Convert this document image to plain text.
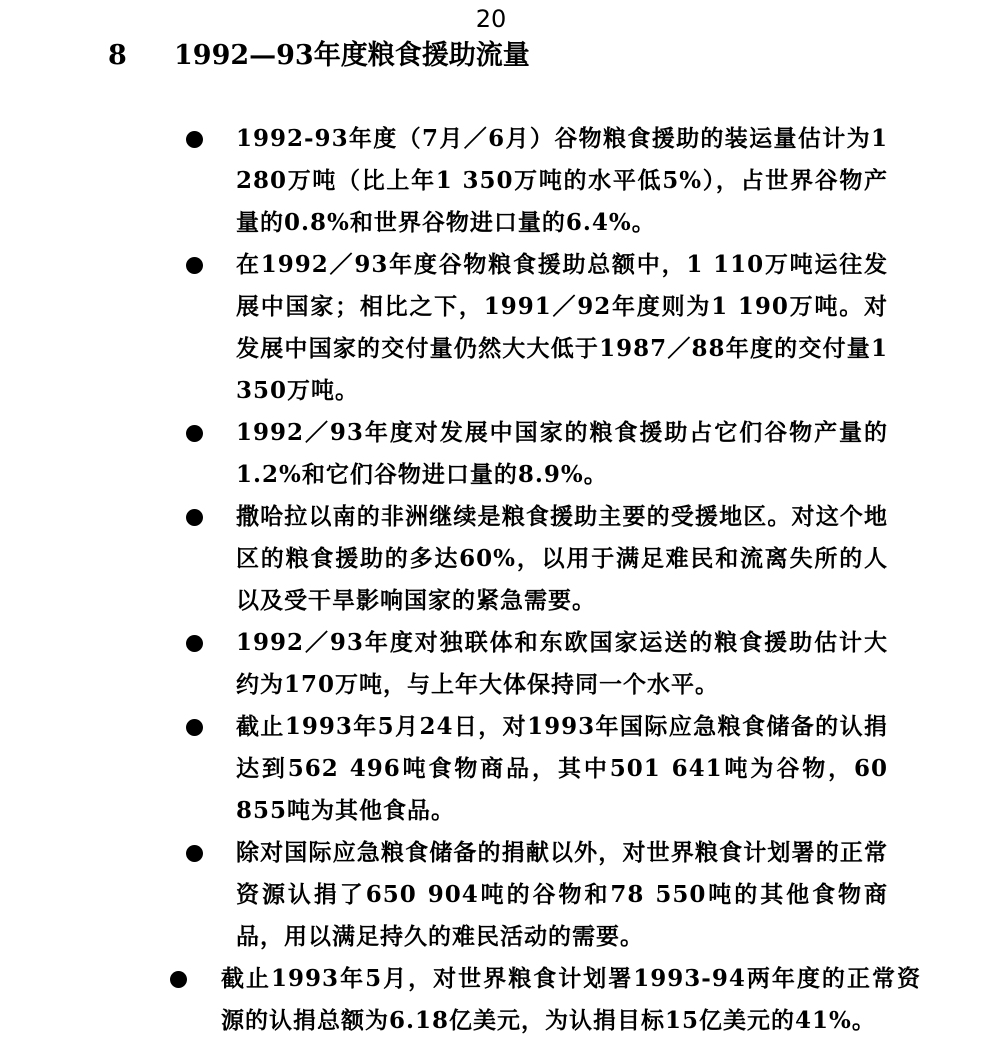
20
8 1992—93年度粮食援助流量
1992-93年度（7月／6月）谷物粮食援助的装运量估计为1 280万吨（比上年1 350万吨的水平低5%），占世界谷物产量的0.8%和世界谷物进口量的6.4%。
在1992／93年度谷物粮食援助总额中，1 110万吨运往发展中国家；相比之下，1991／92年度则为1 190万吨。对发展中国家的交付量仍然大大低于1987／88年度的交付量1 350万吨。
1992／93年度对发展中国家的粮食援助占它们谷物产量的1.2%和它们谷物进口量的8.9%。
撒哈拉以南的非洲继续是粮食援助主要的受援地区。对这个地区的粮食援助的多达60%，以用于满足难民和流离失所的人以及受干旱影响国家的紧急需要。
1992／93年度对独联体和东欧国家运送的粮食援助估计大约为170万吨，与上年大体保持同一个水平。
截止1993年5月24日，对1993年国际应急粮食储备的认捐达到562 496吨食物商品，其中501 641吨为谷物，60 855吨为其他食品。
除对国际应急粮食储备的捐献以外，对世界粮食计划署的正常资源认捐了650 904吨的谷物和78 550吨的其他食物商品，用以满足持久的难民活动的需要。
截止1993年5月，对世界粮食计划署1993-94两年度的正常资源的认捐总额为6.18亿美元，为认捐目标15亿美元的41%。
